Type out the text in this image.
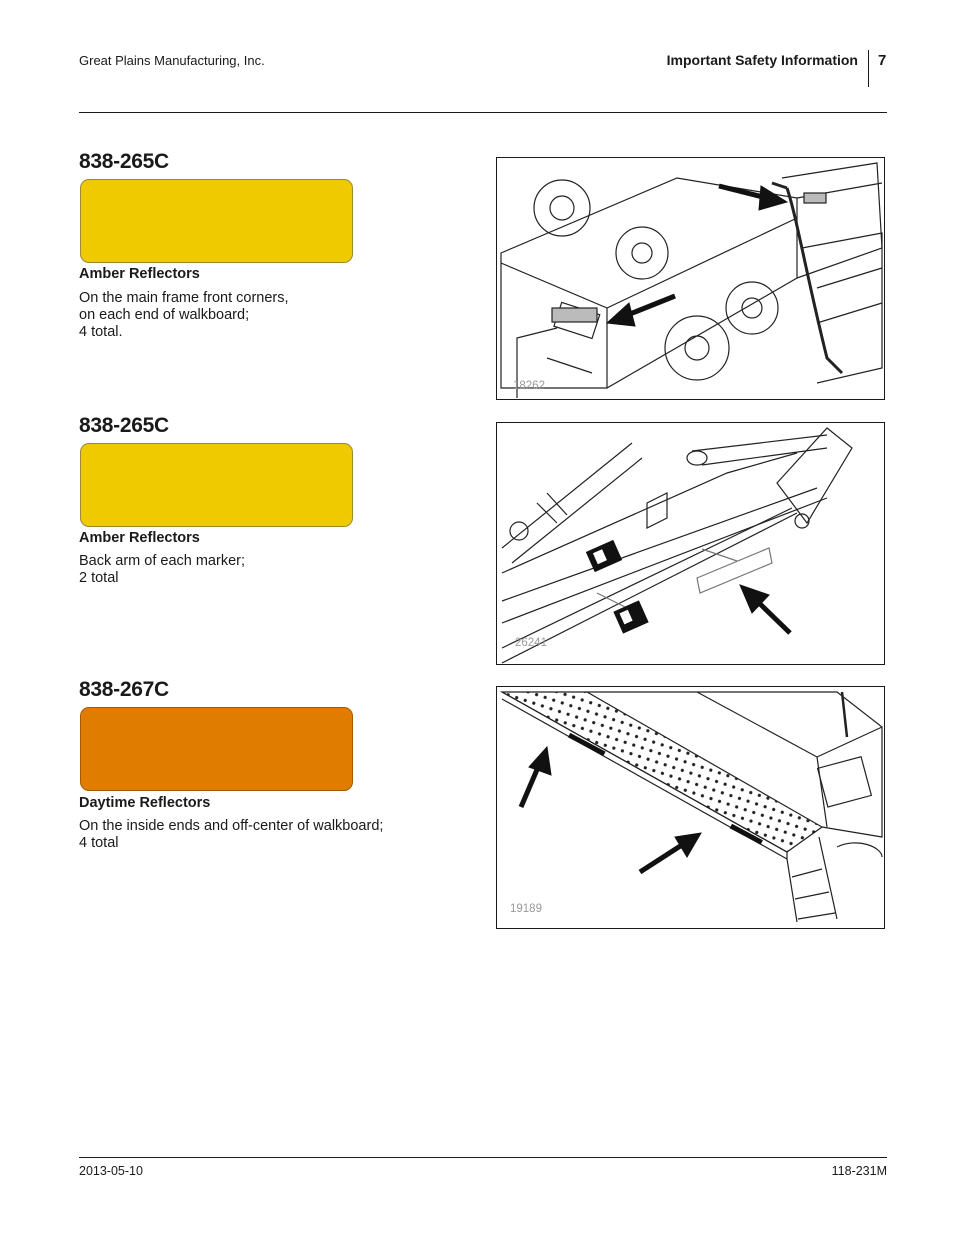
Great Plains Manufacturing, Inc.	Important Safety Information 7
838-265C
Amber Reflectors
On the main frame front corners,
on each end of walkboard;
4 total.
18262
838-265C
Amber Reflectors
Back arm of each marker;
2 total
26241
838-267C
Daytime Reflectors
On the inside ends and off-center of walkboard;
4 total
19189
2013-05-10	118-231M
